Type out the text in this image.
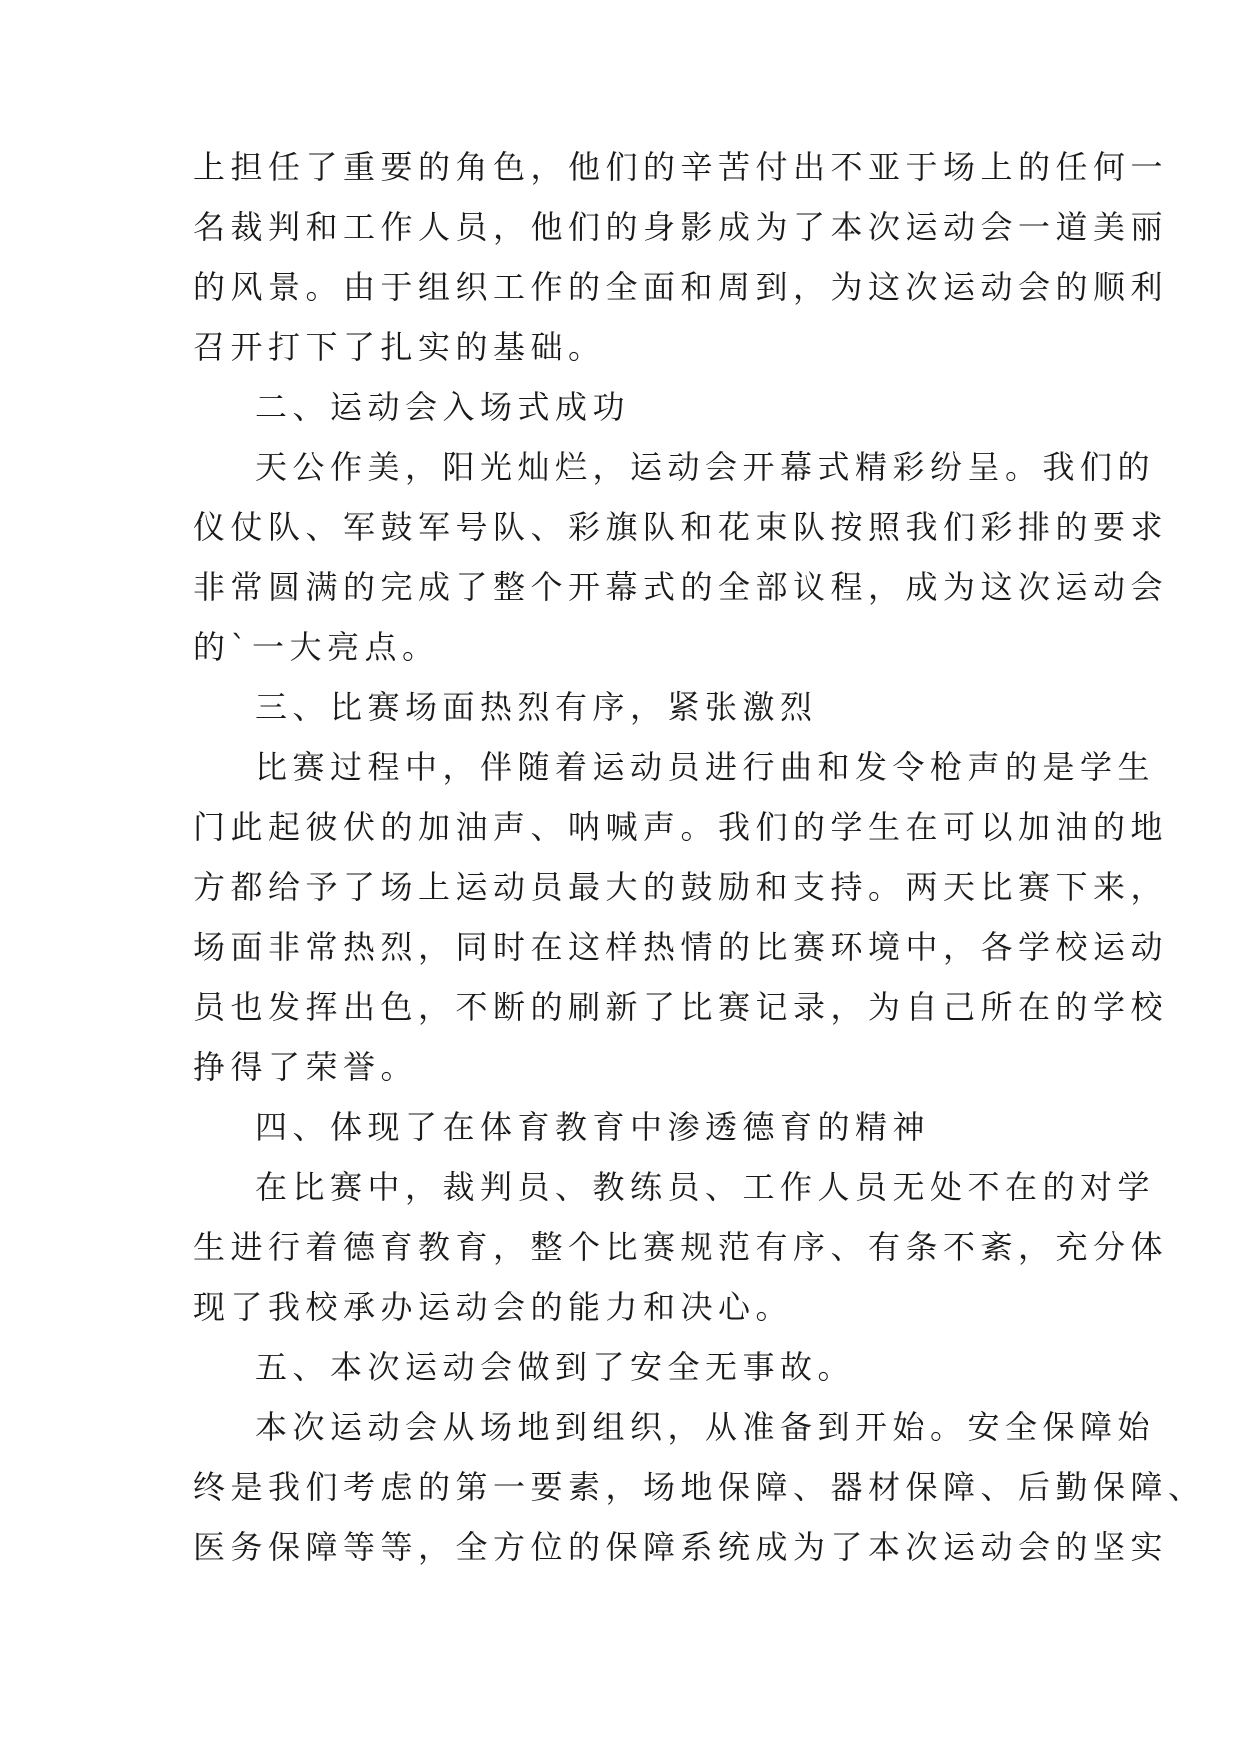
上担任了重要的角色，他们的辛苦付出不亚于场上的任何一
名裁判和工作人员，他们的身影成为了本次运动会一道美丽
的风景。由于组织工作的全面和周到，为这次运动会的顺利
召开打下了扎实的基础。
二、运动会入场式成功
天公作美，阳光灿烂，运动会开幕式精彩纷呈。我们的
仪仗队、军鼓军号队、彩旗队和花束队按照我们彩排的要求
非常圆满的完成了整个开幕式的全部议程，成为这次运动会
的`一大亮点。
三、比赛场面热烈有序，紧张激烈
比赛过程中，伴随着运动员进行曲和发令枪声的是学生
门此起彼伏的加油声、呐喊声。我们的学生在可以加油的地
方都给予了场上运动员最大的鼓励和支持。两天比赛下来，
场面非常热烈，同时在这样热情的比赛环境中，各学校运动
员也发挥出色，不断的刷新了比赛记录，为自己所在的学校
挣得了荣誉。
四、体现了在体育教育中渗透德育的精神
在比赛中，裁判员、教练员、工作人员无处不在的对学
生进行着德育教育，整个比赛规范有序、有条不紊，充分体
现了我校承办运动会的能力和决心。
五、本次运动会做到了安全无事故。
本次运动会从场地到组织，从准备到开始。安全保障始
终是我们考虑的第一要素，场地保障、器材保障、后勤保障、
医务保障等等，全方位的保障系统成为了本次运动会的坚实
